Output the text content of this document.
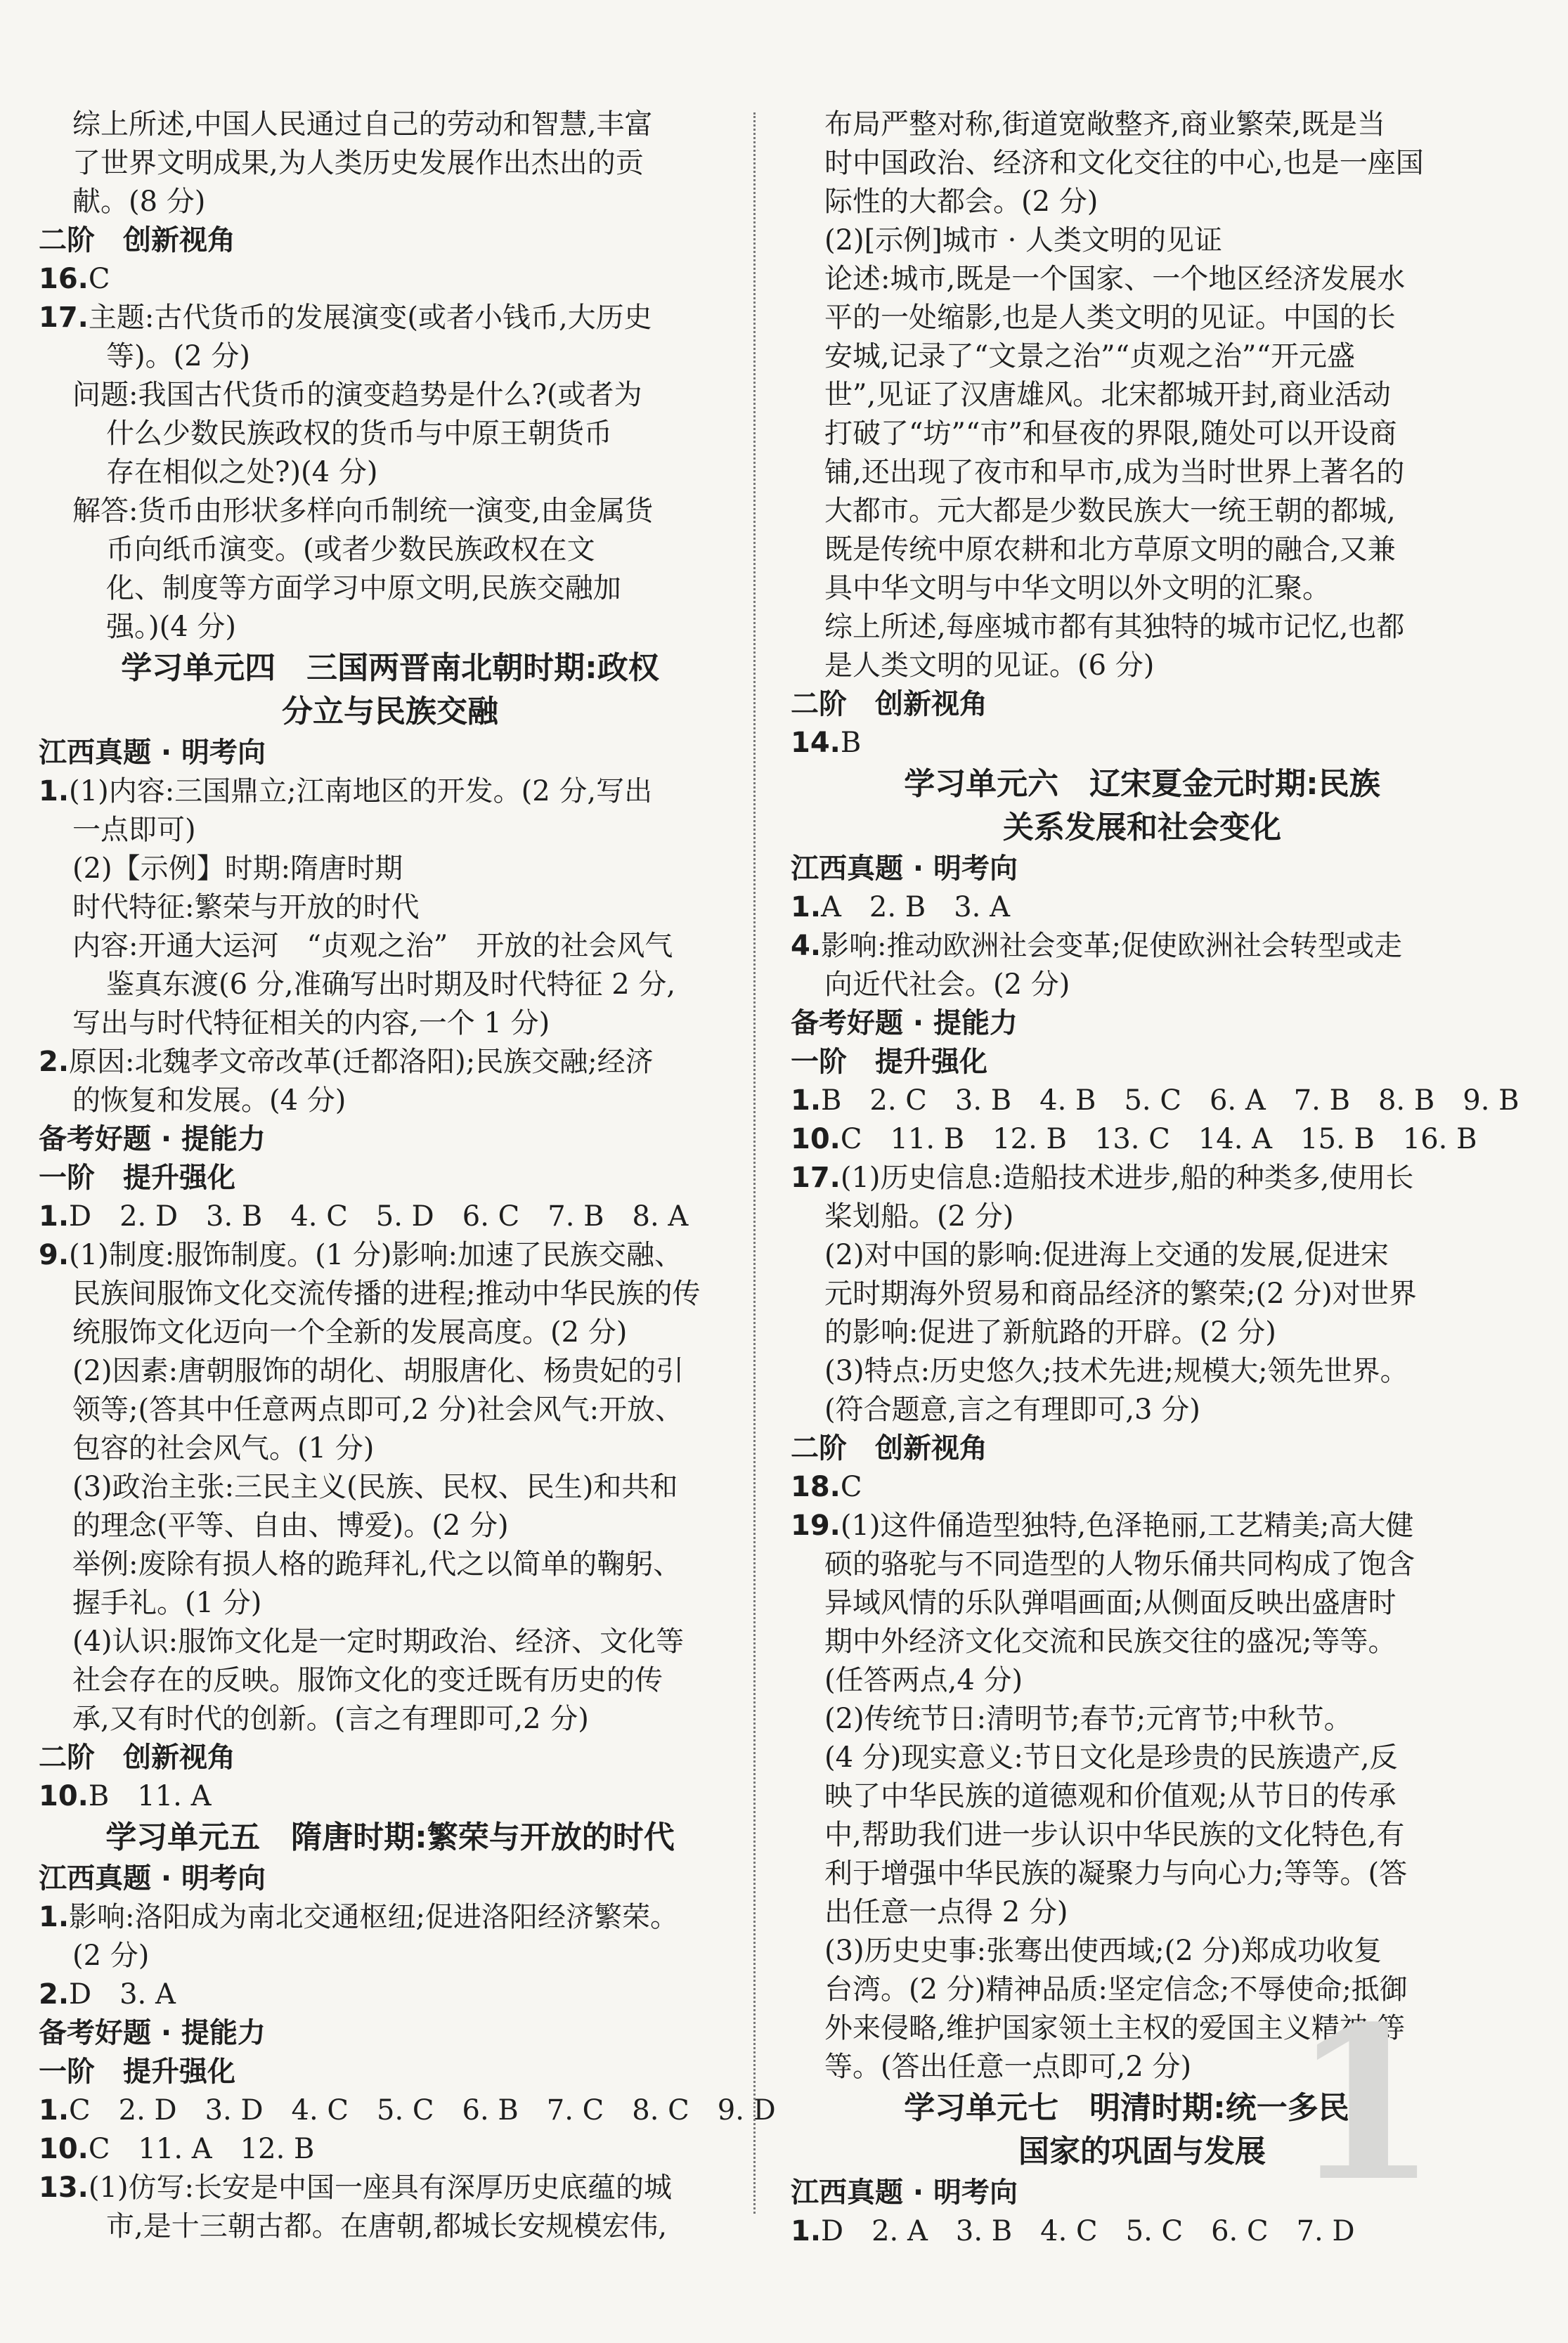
综上所述,中国人民通过自己的劳动和智慧,丰富
了世界文明成果,为人类历史发展作出杰出的贡
献。(8 分)
二阶　创新视角
16.C
17.主题:古代货币的发展演变(或者小钱币,大历史
等)。(2 分)
问题:我国古代货币的演变趋势是什么?(或者为
什么少数民族政权的货币与中原王朝货币
存在相似之处?)(4 分)
解答:货币由形状多样向币制统一演变,由金属货
币向纸币演变。(或者少数民族政权在文
化、制度等方面学习中原文明,民族交融加
强。)(4 分)
学习单元四　三国两晋南北朝时期:政权
分立与民族交融
江西真题 · 明考向
1.(1)内容:三国鼎立;江南地区的开发。(2 分,写出
一点即可)
(2)【示例】时期:隋唐时期
时代特征:繁荣与开放的时代
内容:开通大运河　“贞观之治”　开放的社会风气
鉴真东渡(6 分,准确写出时期及时代特征 2 分,
写出与时代特征相关的内容,一个 1 分)
2.原因:北魏孝文帝改革(迁都洛阳);民族交融;经济
的恢复和发展。(4 分)
备考好题 · 提能力
一阶　提升强化
1.D　2. D　3. B　4. C　5. D　6. C　7. B　8. A
9.(1)制度:服饰制度。(1 分)影响:加速了民族交融、
民族间服饰文化交流传播的进程;推动中华民族的传
统服饰文化迈向一个全新的发展高度。(2 分)
(2)因素:唐朝服饰的胡化、胡服唐化、杨贵妃的引
领等;(答其中任意两点即可,2 分)社会风气:开放、
包容的社会风气。(1 分)
(3)政治主张:三民主义(民族、民权、民生)和共和
的理念(平等、自由、博爱)。(2 分)
举例:废除有损人格的跪拜礼,代之以简单的鞠躬、
握手礼。(1 分)
(4)认识:服饰文化是一定时期政治、经济、文化等
社会存在的反映。服饰文化的变迁既有历史的传
承,又有时代的创新。(言之有理即可,2 分)
二阶　创新视角
10.B　11. A
学习单元五　隋唐时期:繁荣与开放的时代
江西真题 · 明考向
1.影响:洛阳成为南北交通枢纽;促进洛阳经济繁荣。
(2 分)
2.D　3. A
备考好题 · 提能力
一阶　提升强化
1.C　2. D　3. D　4. C　5. C　6. B　7. C　8. C　9. D
10.C　11. A　12. B
13.(1)仿写:长安是中国一座具有深厚历史底蕴的城
市,是十三朝古都。在唐朝,都城长安规模宏伟,
布局严整对称,街道宽敞整齐,商业繁荣,既是当
时中国政治、经济和文化交往的中心,也是一座国
际性的大都会。(2 分)
(2)[示例]城市 · 人类文明的见证
论述:城市,既是一个国家、一个地区经济发展水
平的一处缩影,也是人类文明的见证。中国的长
安城,记录了“文景之治”“贞观之治”“开元盛
世”,见证了汉唐雄风。北宋都城开封,商业活动
打破了“坊”“市”和昼夜的界限,随处可以开设商
铺,还出现了夜市和早市,成为当时世界上著名的
大都市。元大都是少数民族大一统王朝的都城,
既是传统中原农耕和北方草原文明的融合,又兼
具中华文明与中华文明以外文明的汇聚。
综上所述,每座城市都有其独特的城市记忆,也都
是人类文明的见证。(6 分)
二阶　创新视角
14.B
学习单元六　辽宋夏金元时期:民族
关系发展和社会变化
江西真题 · 明考向
1.A　2. B　3. A
4.影响:推动欧洲社会变革;促使欧洲社会转型或走
向近代社会。(2 分)
备考好题 · 提能力
一阶　提升强化
1.B　2. C　3. B　4. B　5. C　6. A　7. B　8. B　9. B
10.C　11. B　12. B　13. C　14. A　15. B　16. B
17.(1)历史信息:造船技术进步,船的种类多,使用长
桨划船。(2 分)
(2)对中国的影响:促进海上交通的发展,促进宋
元时期海外贸易和商品经济的繁荣;(2 分)对世界
的影响:促进了新航路的开辟。(2 分)
(3)特点:历史悠久;技术先进;规模大;领先世界。
(符合题意,言之有理即可,3 分)
二阶　创新视角
18.C
19.(1)这件俑造型独特,色泽艳丽,工艺精美;高大健
硕的骆驼与不同造型的人物乐俑共同构成了饱含
异域风情的乐队弹唱画面;从侧面反映出盛唐时
期中外经济文化交流和民族交往的盛况;等等。
(任答两点,4 分)
(2)传统节日:清明节;春节;元宵节;中秋节。
(4 分)现实意义:节日文化是珍贵的民族遗产,反
映了中华民族的道德观和价值观;从节日的传承
中,帮助我们进一步认识中华民族的文化特色,有
利于增强中华民族的凝聚力与向心力;等等。(答
出任意一点得 2 分)
(3)历史史事:张骞出使西域;(2 分)郑成功收复
台湾。(2 分)精神品质:坚定信念;不辱使命;抵御
外来侵略,维护国家领土主权的爱国主义精神;等
等。(答出任意一点即可,2 分)
学习单元七　明清时期:统一多民族
国家的巩固与发展
江西真题 · 明考向
1.D　2. A　3. B　4. C　5. C　6. C　7. D
1
